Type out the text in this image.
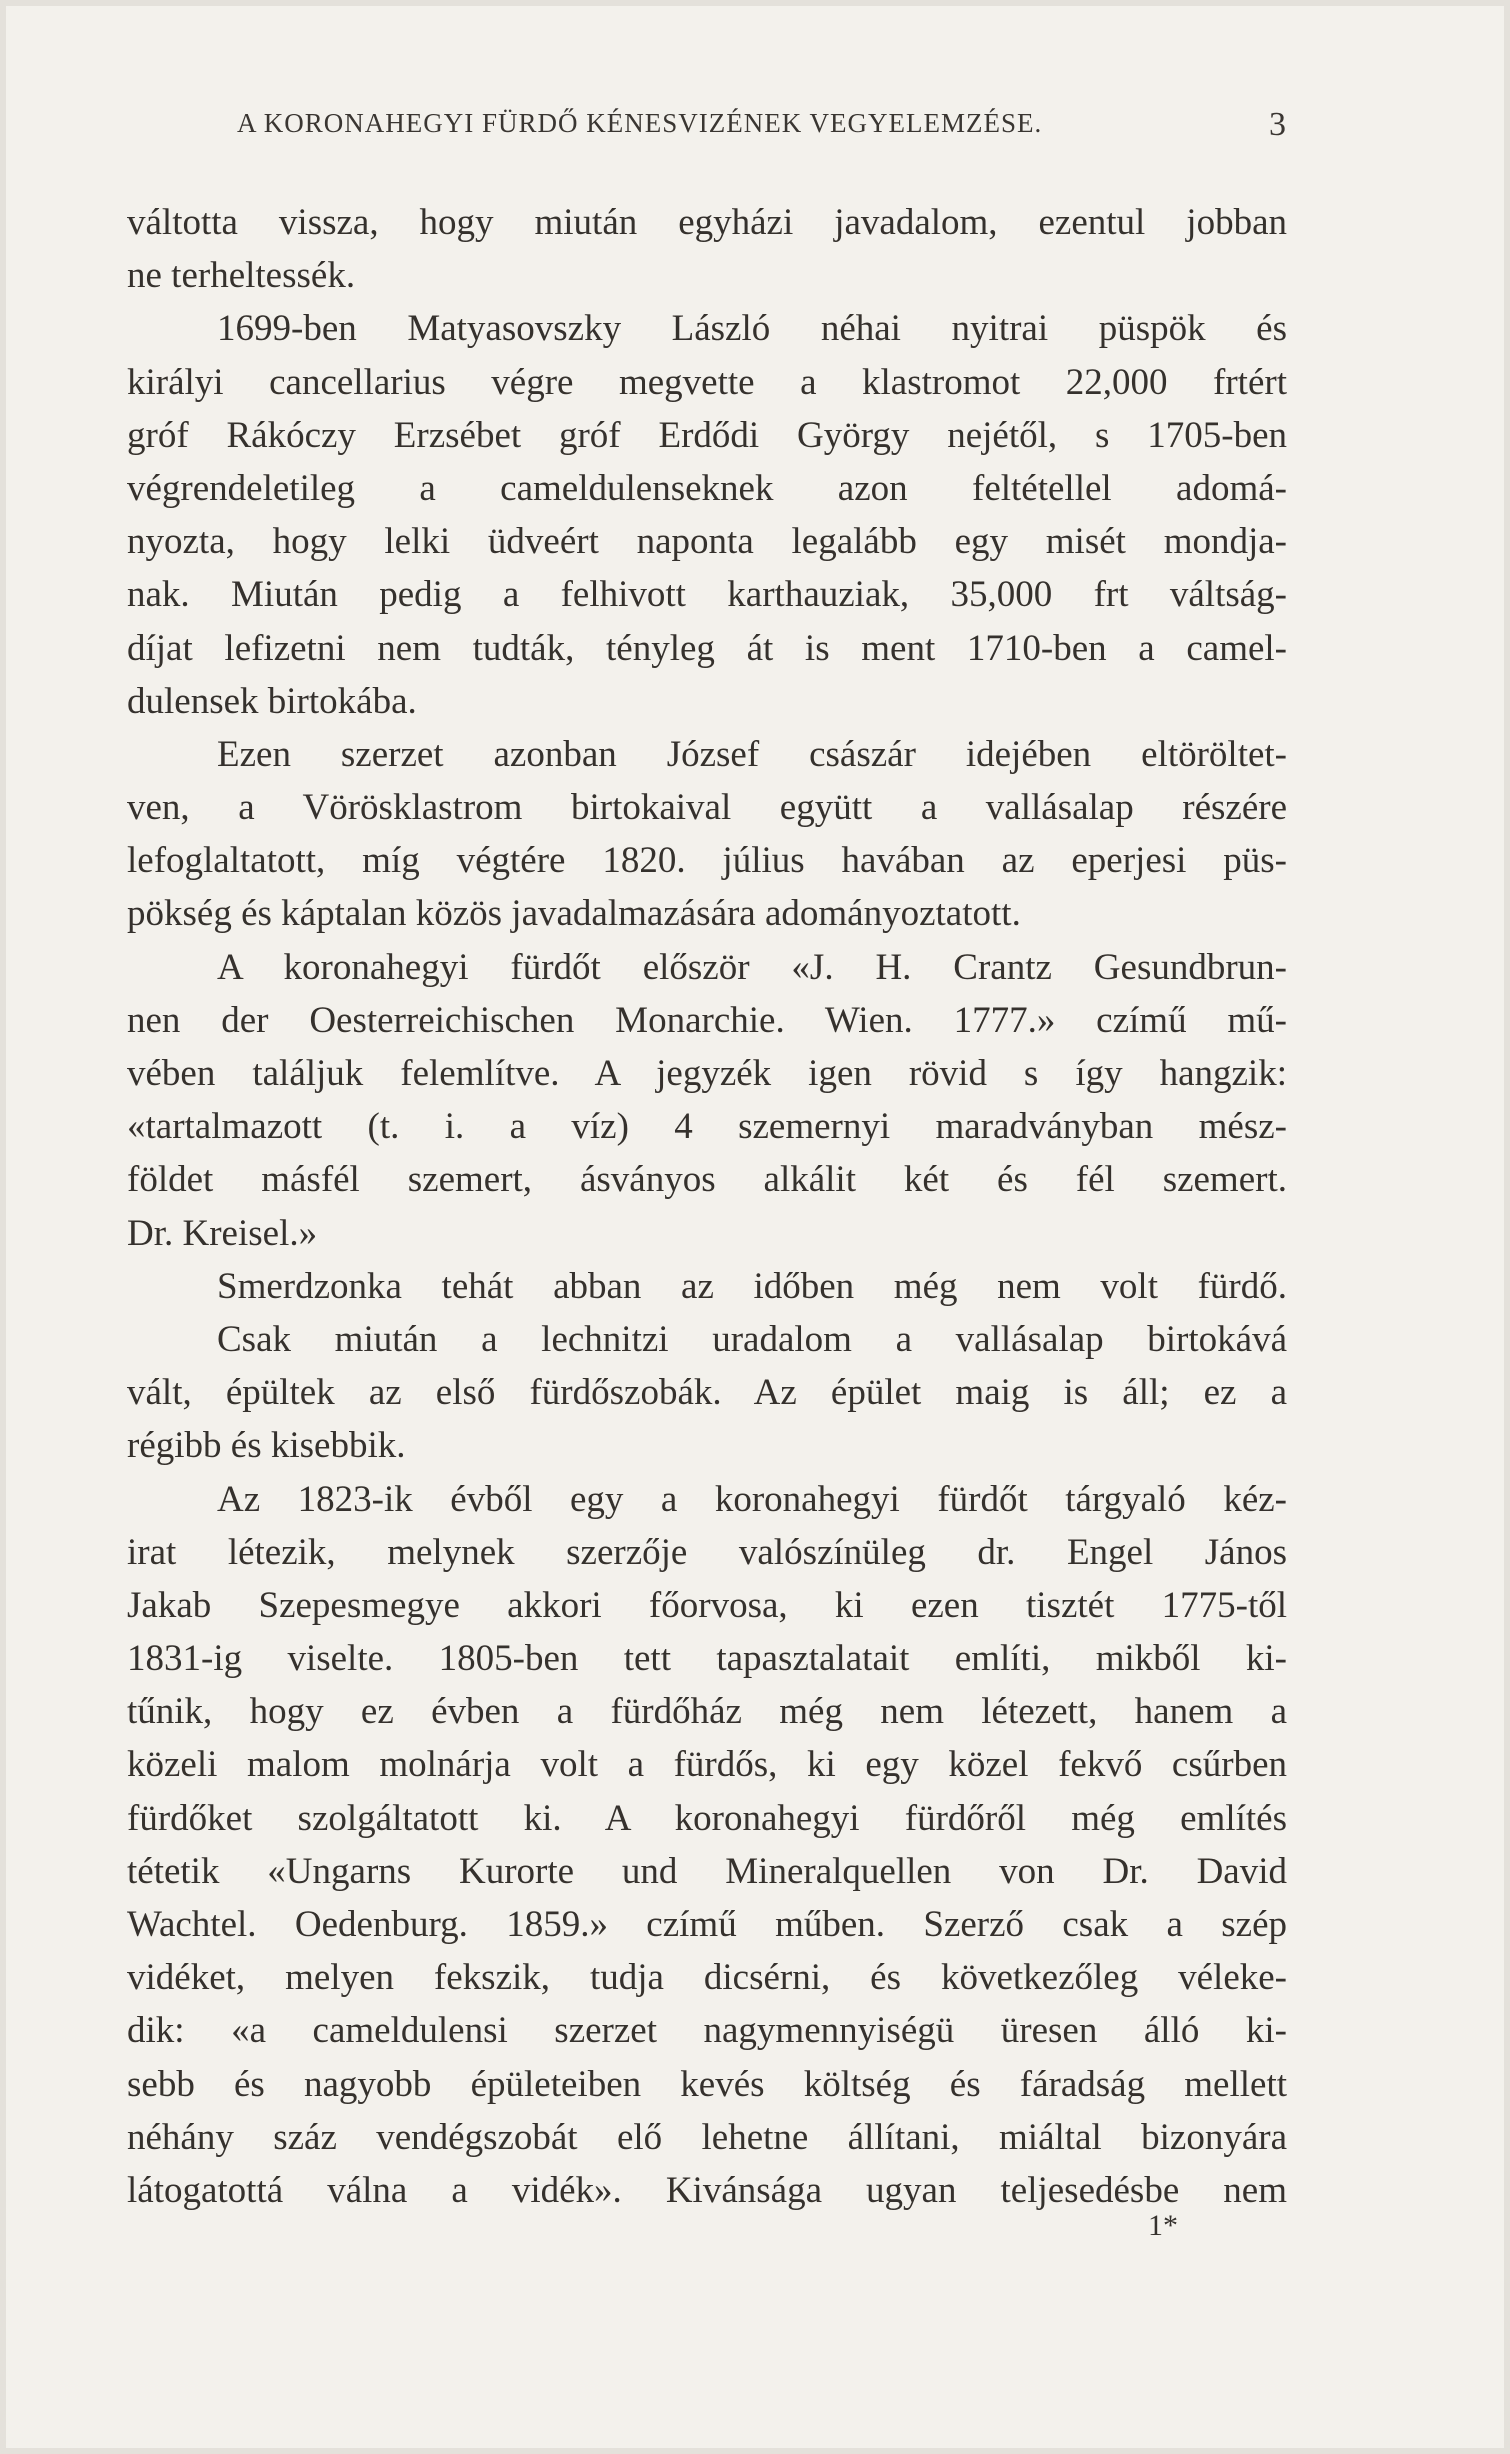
A KORONAHEGYI FÜRDŐ KÉNESVIZÉNEK VEGYELEMZÉSE.	3
váltotta vissza, hogy miután egyházi javadalom, ezentul jobban
ne terheltessék.
1699-ben Matyasovszky László néhai nyitrai püspök és
királyi cancellarius végre megvette a klastromot 22,000 frtért
gróf Rákóczy Erzsébet gróf Erdődi György nejétől, s 1705-ben
végrendeletileg a cameldulenseknek azon feltétellel adomá-
nyozta, hogy lelki üdveért naponta legalább egy misét mondja-
nak. Miután pedig a felhivott karthauziak, 35,000 frt váltság-
díjat lefizetni nem tudták, tényleg át is ment 1710-ben a camel-
dulensek birtokába.
Ezen szerzet azonban József császár idejében eltöröltet-
ven, a Vörösklastrom birtokaival együtt a vallásalap részére
lefoglaltatott, míg végtére 1820. július havában az eperjesi püs-
pökség és káptalan közös javadalmazására adományoztatott.
A koronahegyi fürdőt először «J. H. Crantz Gesundbrun-
nen der Oesterreichischen Monarchie. Wien. 1777.» czímű mű-
vében találjuk felemlítve. A jegyzék igen rövid s így hangzik:
«tartalmazott (t. i. a víz) 4 szemernyi maradványban mész-
földet másfél szemert, ásványos alkálit két és fél szemert.
Dr. Kreisel.»
Smerdzonka tehát abban az időben még nem volt fürdő.
Csak miután a lechnitzi uradalom a vallásalap birtokává
vált, épültek az első fürdőszobák. Az épület maig is áll; ez a
régibb és kisebbik.
Az 1823-ik évből egy a koronahegyi fürdőt tárgyaló kéz-
irat létezik, melynek szerzője valószínüleg dr. Engel János
Jakab Szepesmegye akkori főorvosa, ki ezen tisztét 1775-től
1831-ig viselte. 1805-ben tett tapasztalatait említi, mikből ki-
tűnik, hogy ez évben a fürdőház még nem létezett, hanem a
közeli malom molnárja volt a fürdős, ki egy közel fekvő csűrben
fürdőket szolgáltatott ki. A koronahegyi fürdőről még említés
tétetik «Ungarns Kurorte und Mineralquellen von Dr. David
Wachtel. Oedenburg. 1859.» czímű műben. Szerző csak a szép
vidéket, melyen fekszik, tudja dicsérni, és következőleg véleke-
dik: «a cameldulensi szerzet nagymennyiségü üresen álló ki-
sebb és nagyobb épületeiben kevés költség és fáradság mellett
néhány száz vendégszobát elő lehetne állítani, miáltal bizonyára
látogatottá válna a vidék». Kivánsága ugyan teljesedésbe nem
1*
